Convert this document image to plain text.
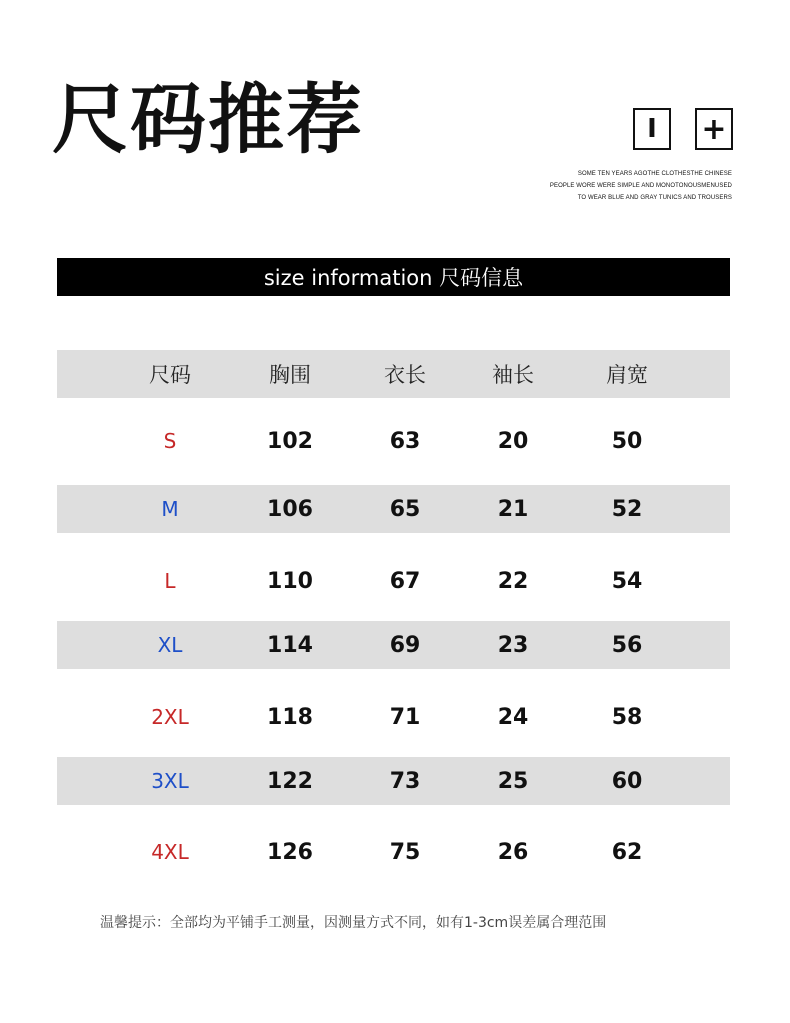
尺码推荐	I +
SOME TEN YEARS AGOTHE CLOTHESTHE CHINESE
PEOPLE WORE WERE SIMPLE AND MONOTONOUSMENUSED
TO WEAR BLUE AND GRAY TUNICS AND TROUSERS
size information 尺码信息
尺码	胸围	衣长	袖长	肩宽
S	102	63	20	50
M	106	65	21	52
L	110	67	22	54
XL	114	69	23	56
2XL	118	71	24	58
3XL	122	73	25	60
4XL	126	75	26	62
温馨提示：全部均为平铺手工测量，因测量方式不同，如有1-3cm误差属合理范围
